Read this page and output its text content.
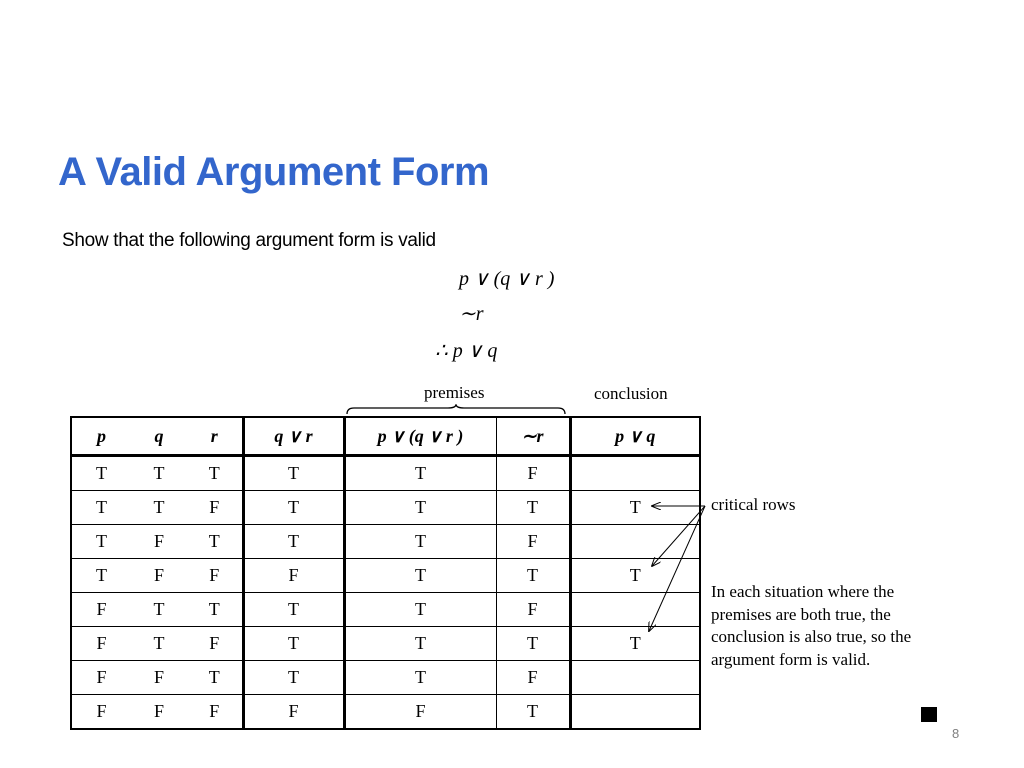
A Valid Argument Form

Show that the following argument form is valid

p ∨ (q ∨ r )
∼r
∴ p ∨ q
premises	conclusion
p	q	r	q ∨ r	p ∨ (q ∨ r )	∼r	p ∨ q
T	T	T	T	T	F	
T	T	F	T	T	T	T
T	F	T	T	T	F	
T	F	F	F	T	T	T
F	T	T	T	T	F	
F	T	F	T	T	T	T
F	F	T	T	T	F	
F	F	F	F	F	T	
critical rows
In each situation where the
premises are both true, the
conclusion is also true, so the
argument form is valid.
8
